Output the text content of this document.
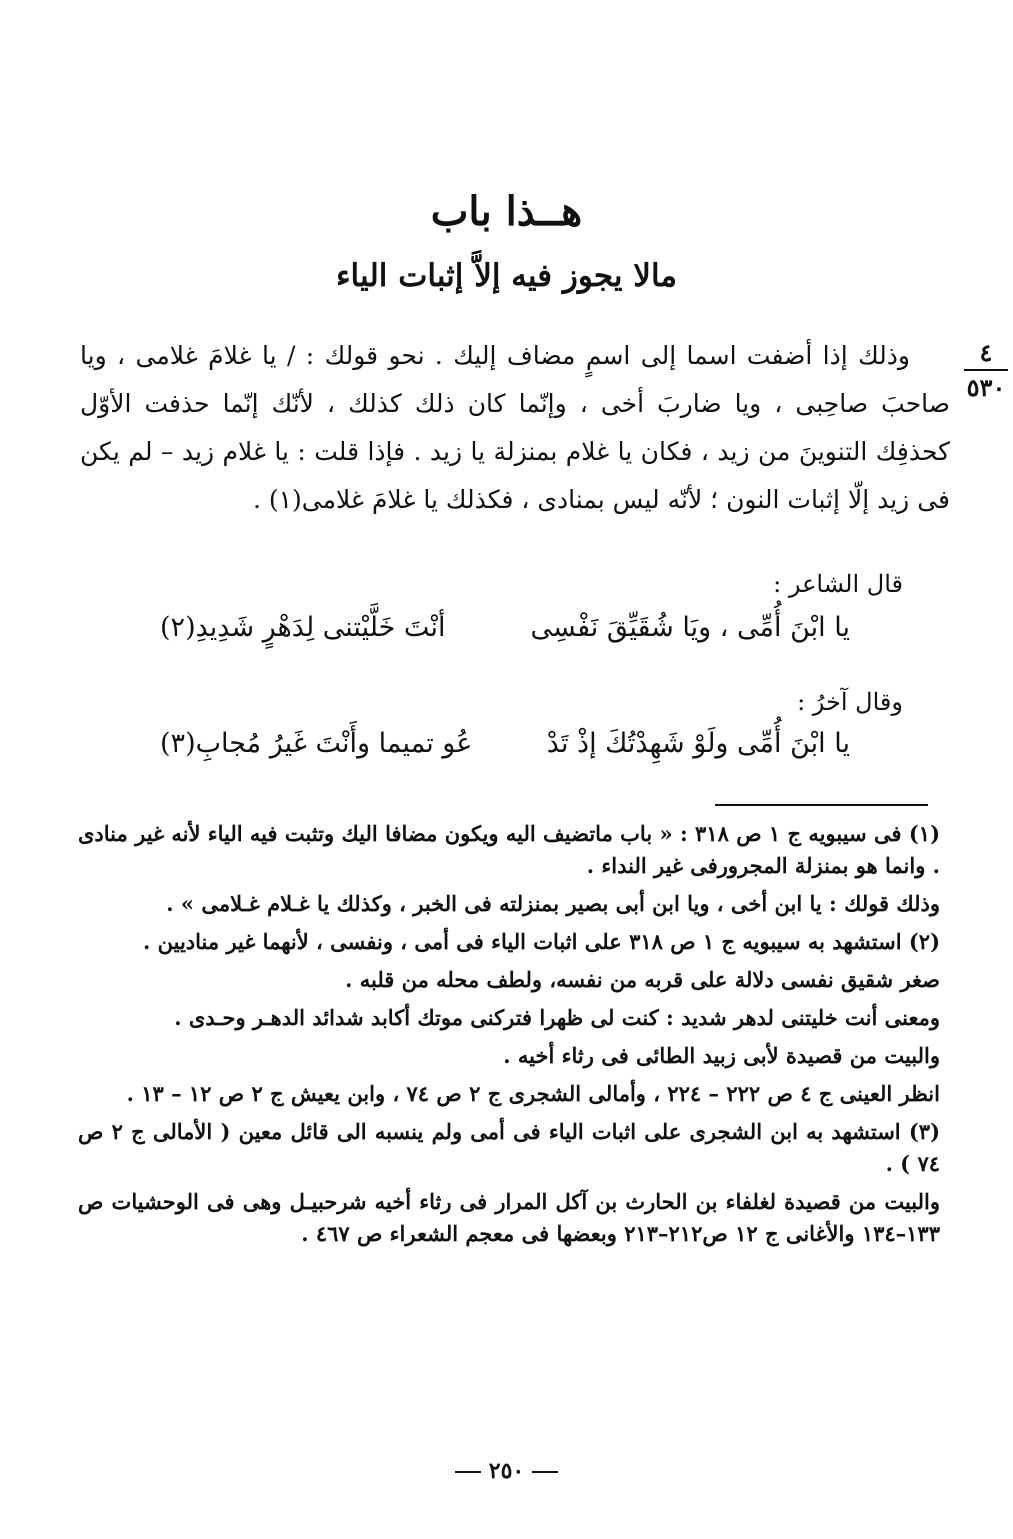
هــذا باب
مالا يجوز فيه إلاَّ إثبات الياء
٤
٥٣٠

وذلك إذا أضفت اسما إلى اسمٍ مضاف إليك . نحو قولك : / يا غلامَ غلامى ، ويا صاحبَ صاحِبى ، ويا ضاربَ أخى ، وإنّما كان ذلك كذلك ، لأنّك إنّما حذفت الأوّل كحذفِك التنوينَ من زيد ، فكان يا غلام بمنزلة يا زيد . فإذا قلت : يا غلام زيد – لم يكن فى زيد إلّا إثبات النون ؛ لأنّه ليس بمنادى ، فكذلك يا غلامَ غلامى(١) .

قال الشاعر :
يا ابْنَ أُمِّى ، ويَا شُقَيِّقَ نَفْسِى
أنْتَ خَلَّيْتنى لِدَهْرٍ شَدِيدِ(٢)
وقال آخرُ :
يا ابْنَ أُمِّى ولَوْ شَهِدْتُكَ إذْ تَدْ
عُو تميما وأَنْتَ غَيرُ مُجابِ(٣)

(١) فى سيبويه ج ١ ص ٣١٨ : « باب ماتضيف اليه ويكون مضافا اليك وتثبت فيه الياء لأنه غير منادى . وانما هو بمنزلة المجرورفى غير النداء .

وذلك قولك : يا ابن أخى ، ويا ابن أبى بصير بمنزلته فى الخبر ، وكذلك يا غـلام غـلامى » .

(٢) استشهد به سيبويه ج ١ ص ٣١٨ على اثبات الياء فى أمى ، ونفسى ، لأنهما غير مناديين .

صغر شقيق نفسى دلالة على قربه من نفسه، ولطف محله من قلبه .

ومعنى أنت خليتنى لدهر شديد : كنت لى ظهرا فتركنى موتك أكابد شدائد الدهـر وحـدى .

والبيت من قصيدة لأبى زبيد الطائى فى رثاء أخيه .

انظر العينى ج ٤ ص ٢٢٢ – ٢٢٤ ، وأمالى الشجرى ج ٢ ص ٧٤ ، وابن يعيش ج ٢ ص ١٢ – ١٣ .

(٣) استشهد به ابن الشجرى على اثبات الياء فى أمى ولم ينسبه الى قائل معين ( الأمالى ج ٢ ص ٧٤ ) .

والبيت من قصيدة لغلفاء بن الحارث بن آكل المرار فى رثاء أخيه شرحبيـل وهى فى الوحشيات ص ١٣٣–١٣٤ والأغانى ج ١٢ ص٢١٢–٢١٣ وبعضها فى معجم الشعراء ص ٤٦٧ .

٢٥٠
